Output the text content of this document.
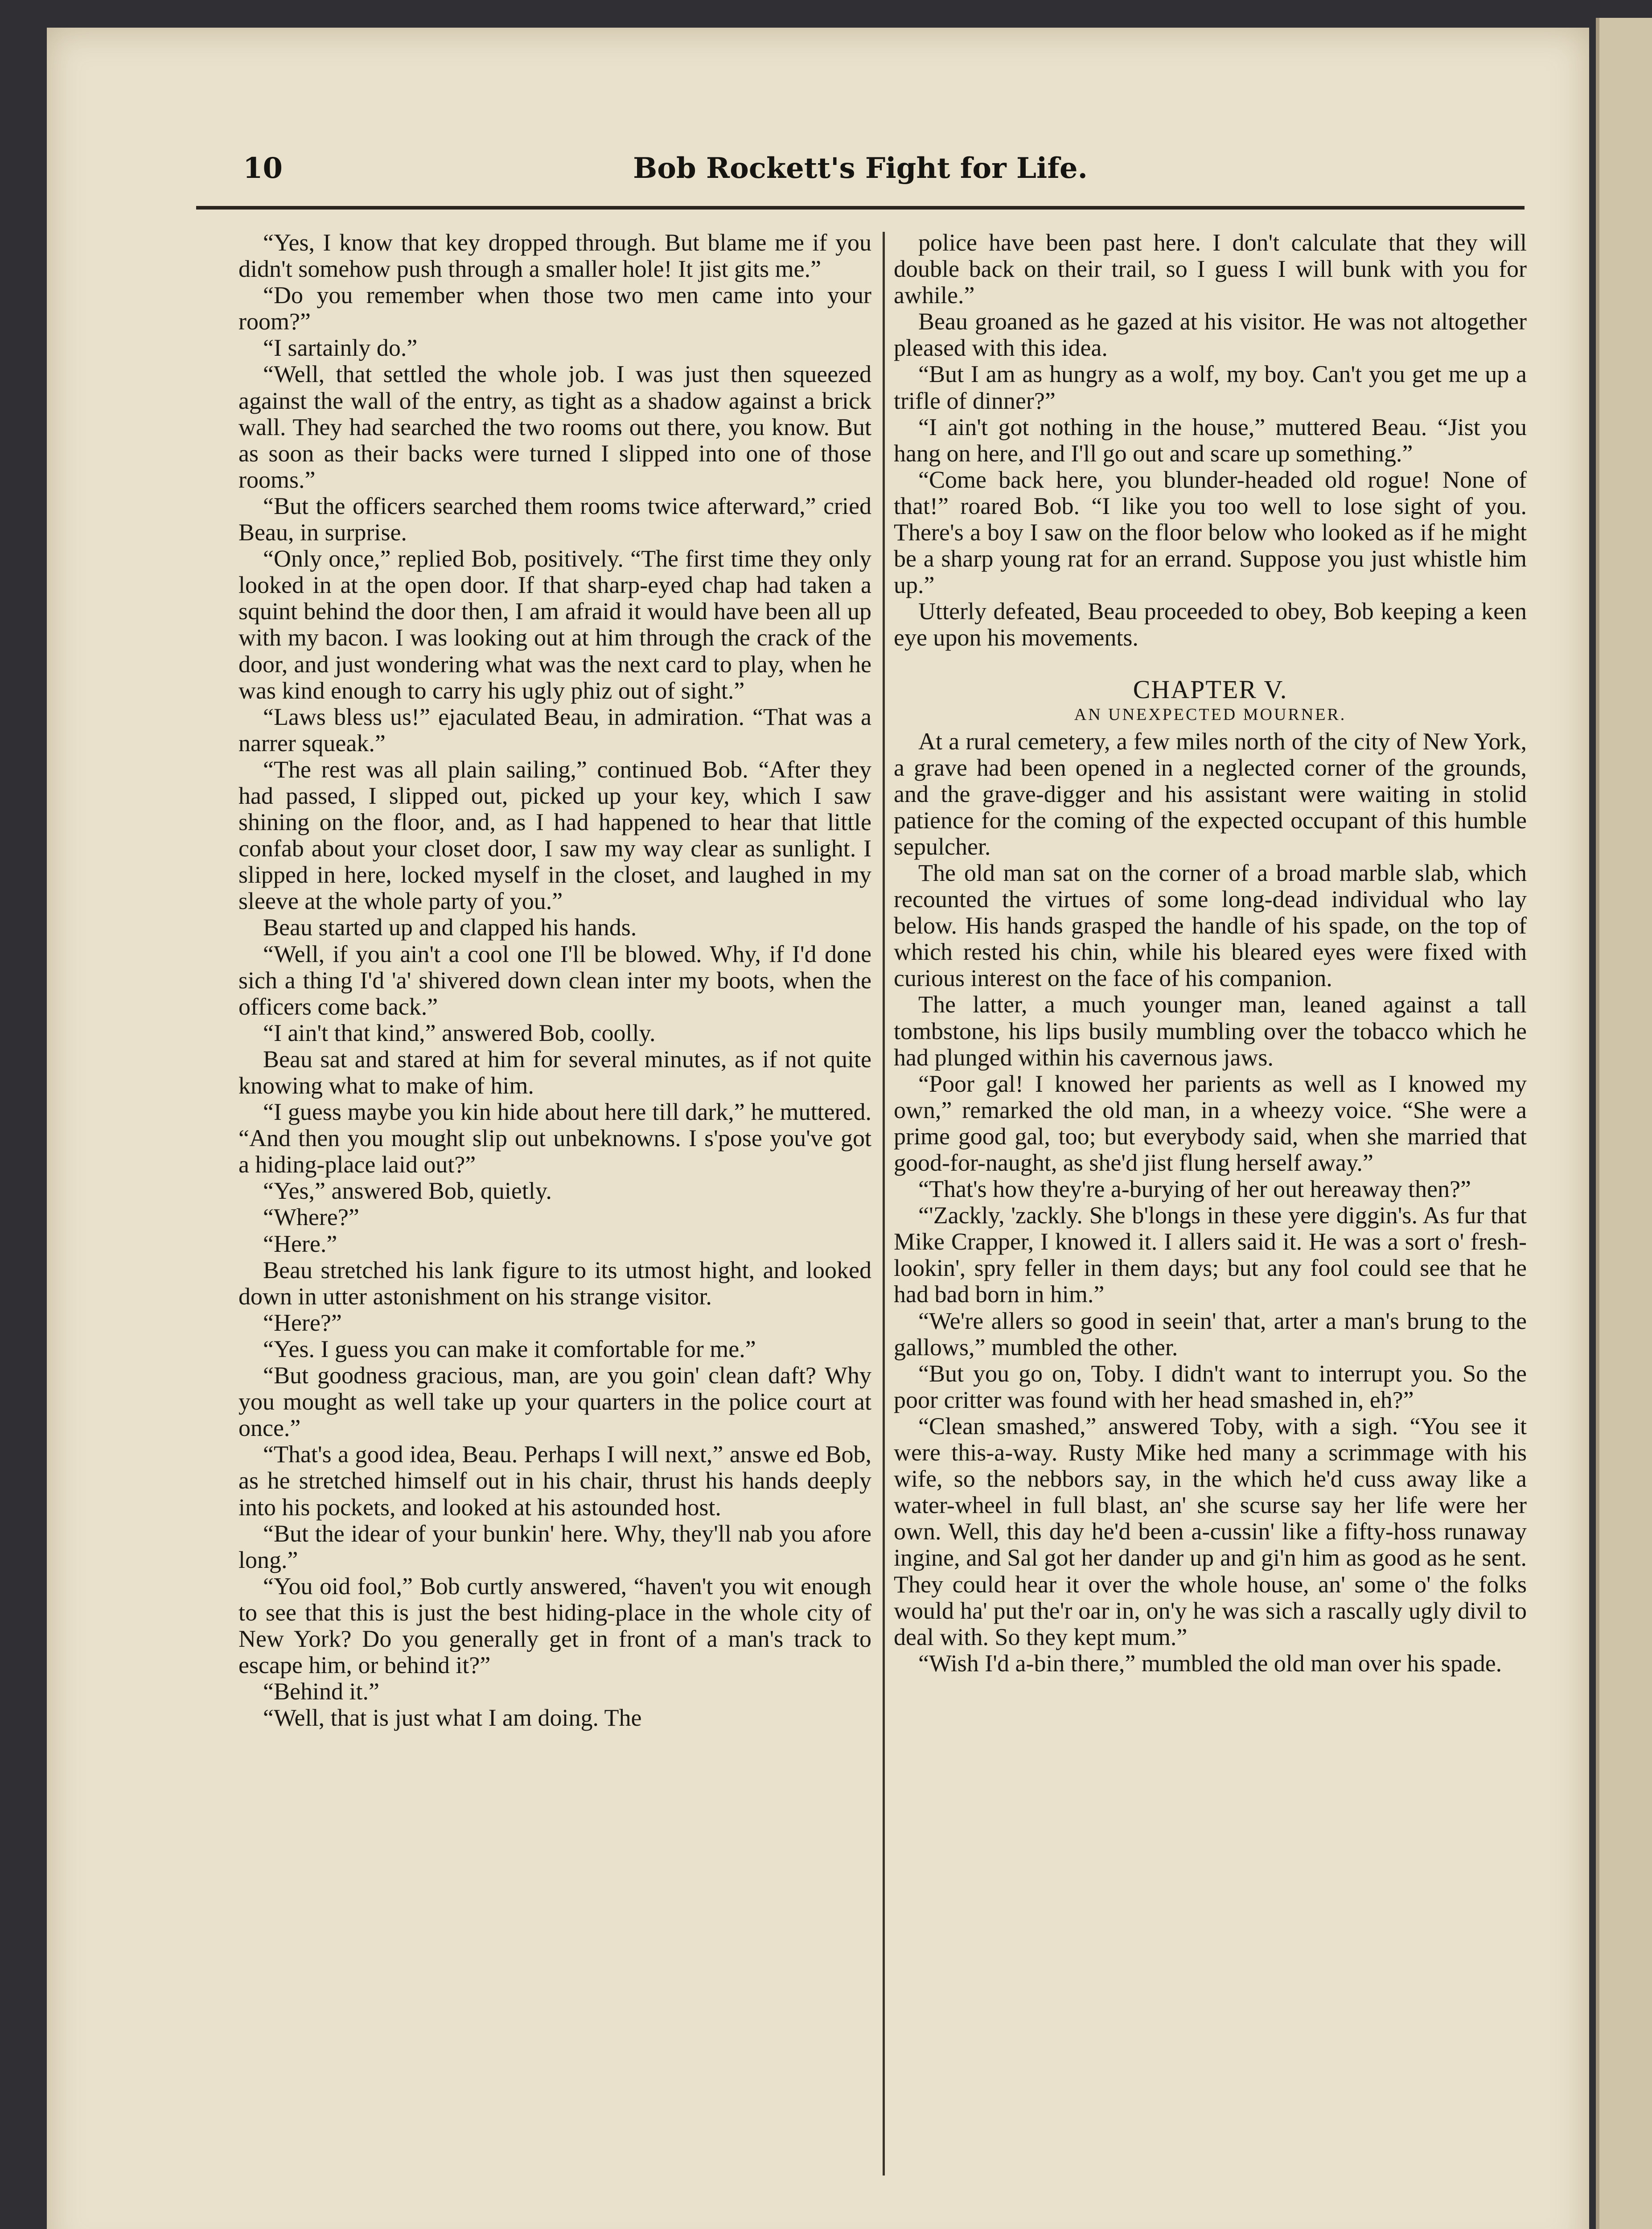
10	Bob Rockett's Fight for Life.

“Yes, I know that key dropped through. But blame me if you didn't somehow push through a smaller hole! It jist gits me.”

“Do you remember when those two men came into your room?”

“I sartainly do.”

“Well, that settled the whole job. I was just then squeezed against the wall of the entry, as tight as a shadow against a brick wall. They had searched the two rooms out there, you know. But as soon as their backs were turned I slipped into one of those rooms.”

“But the officers searched them rooms twice afterward,” cried Beau, in surprise.

“Only once,” replied Bob, positively. “The first time they only looked in at the open door. If that sharp-eyed chap had taken a squint behind the door then, I am afraid it would have been all up with my bacon. I was looking out at him through the crack of the door, and just wondering what was the next card to play, when he was kind enough to carry his ugly phiz out of sight.”

“Laws bless us!” ejaculated Beau, in admiration. “That was a narrer squeak.”

“The rest was all plain sailing,” continued Bob. “After they had passed, I slipped out, picked up your key, which I saw shining on the floor, and, as I had happened to hear that little confab about your closet door, I saw my way clear as sunlight. I slipped in here, locked myself in the closet, and laughed in my sleeve at the whole party of you.”

Beau started up and clapped his hands.

“Well, if you ain't a cool one I'll be blowed. Why, if I'd done sich a thing I'd 'a' shivered down clean inter my boots, when the officers come back.”

“I ain't that kind,” answered Bob, coolly.

Beau sat and stared at him for several minutes, as if not quite knowing what to make of him.

“I guess maybe you kin hide about here till dark,” he muttered. “And then you mought slip out unbeknowns. I s'pose you've got a hiding-place laid out?”

“Yes,” answered Bob, quietly.

“Where?”

“Here.”

Beau stretched his lank figure to its utmost hight, and looked down in utter astonishment on his strange visitor.

“Here?”

“Yes. I guess you can make it comfortable for me.”

“But goodness gracious, man, are you goin' clean daft? Why you mought as well take up your quarters in the police court at once.”

“That's a good idea, Beau. Perhaps I will next,” answe ed Bob, as he stretched himself out in his chair, thrust his hands deeply into his pockets, and looked at his astounded host.

“But the idear of your bunkin' here. Why, they'll nab you afore long.”

“You oid fool,” Bob curtly answered, “haven't you wit enough to see that this is just the best hiding-place in the whole city of New York? Do you generally get in front of a man's track to escape him, or behind it?”

“Behind it.”

“Well, that is just what I am doing. The

police have been past here. I don't calculate that they will double back on their trail, so I guess I will bunk with you for awhile.”

Beau groaned as he gazed at his visitor. He was not altogether pleased with this idea.

“But I am as hungry as a wolf, my boy. Can't you get me up a trifle of dinner?”

“I ain't got nothing in the house,” muttered Beau. “Jist you hang on here, and I'll go out and scare up something.”

“Come back here, you blunder-headed old rogue! None of that!” roared Bob. “I like you too well to lose sight of you. There's a boy I saw on the floor below who looked as if he might be a sharp young rat for an errand. Suppose you just whistle him up.”

Utterly defeated, Beau proceeded to obey, Bob keeping a keen eye upon his movements.

CHAPTER V.
AN UNEXPECTED MOURNER.

At a rural cemetery, a few miles north of the city of New York, a grave had been opened in a neglected corner of the grounds, and the grave-digger and his assistant were waiting in stolid patience for the coming of the expected occupant of this humble sepulcher.

The old man sat on the corner of a broad marble slab, which recounted the virtues of some long-dead individual who lay below. His hands grasped the handle of his spade, on the top of which rested his chin, while his bleared eyes were fixed with curious interest on the face of his companion.

The latter, a much younger man, leaned against a tall tombstone, his lips busily mumbling over the tobacco which he had plunged within his cavernous jaws.

“Poor gal! I knowed her parients as well as I knowed my own,” remarked the old man, in a wheezy voice. “She were a prime good gal, too; but everybody said, when she married that good-for-naught, as she'd jist flung herself away.”

“That's how they're a-burying of her out hereaway then?”

“'Zackly, 'zackly. She b'longs in these yere diggin's. As fur that Mike Crapper, I knowed it. I allers said it. He was a sort o' fresh-lookin', spry feller in them days; but any fool could see that he had bad born in him.”

“We're allers so good in seein' that, arter a man's brung to the gallows,” mumbled the other.

“But you go on, Toby. I didn't want to interrupt you. So the poor critter was found with her head smashed in, eh?”

“Clean smashed,” answered Toby, with a sigh. “You see it were this-a-way. Rusty Mike hed many a scrimmage with his wife, so the nebbors say, in the which he'd cuss away like a water-wheel in full blast, an' she scurse say her life were her own. Well, this day he'd been a-cussin' like a fifty-hoss runaway ingine, and Sal got her dander up and gi'n him as good as he sent. They could hear it over the whole house, an' some o' the folks would ha' put the'r oar in, on'y he was sich a rascally ugly divil to deal with. So they kept mum.”

“Wish I'd a-bin there,” mumbled the old man over his spade.
